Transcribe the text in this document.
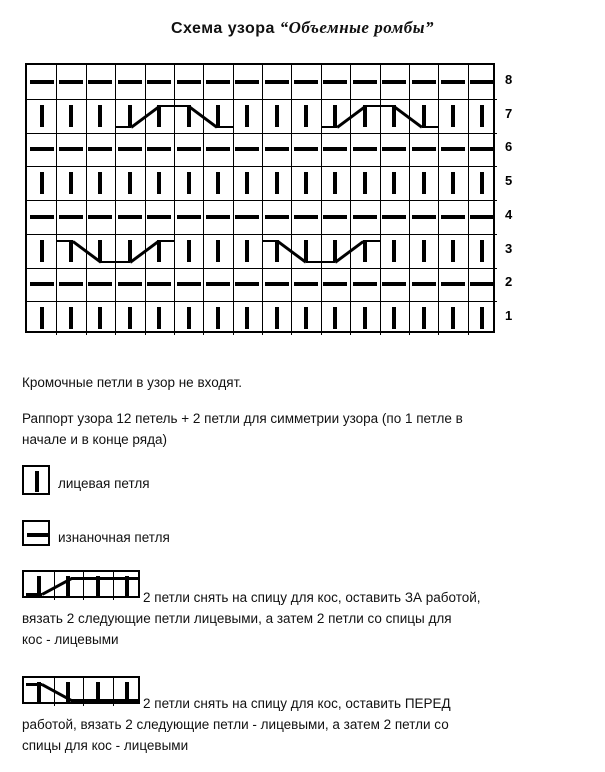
Схема узора “Объемные ромбы”
8
7
6
5
4
3
2
1
Кромочные петли в узор не входят.
Раппорт узора 12 петель + 2 петли для симметрии узора (по 1 петле в
начале и в конце ряда)
лицевая петля
изнаночная петля
2 петли снять на спицу для кос, оставить ЗА работой,
вязать 2 следующие петли лицевыми, а затем 2 петли со спицы для
кос - лицевыми
2 петли снять на спицу для кос, оставить ПЕРЕД
работой, вязать 2 следующие петли - лицевыми, а затем 2 петли со
спицы для кос - лицевыми
